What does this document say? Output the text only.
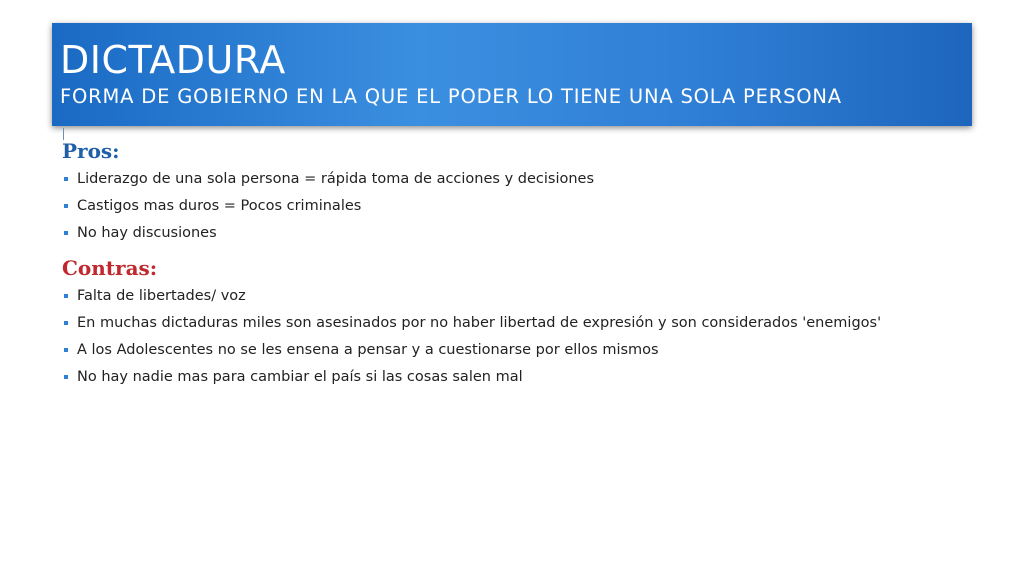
DICTADURA
FORMA DE GOBIERNO EN LA QUE EL PODER LO TIENE UNA SOLA PERSONA
Pros:
Liderazgo de una sola persona = rápida toma de acciones y decisiones
Castigos mas duros = Pocos criminales
No hay discusiones
Contras:
Falta de libertades/ voz
En muchas dictaduras miles son asesinados por no haber libertad de expresión y son considerados 'enemigos'
A los Adolescentes no se les ensena a pensar y a cuestionarse por ellos mismos
No hay nadie mas para cambiar el país si las cosas salen mal
